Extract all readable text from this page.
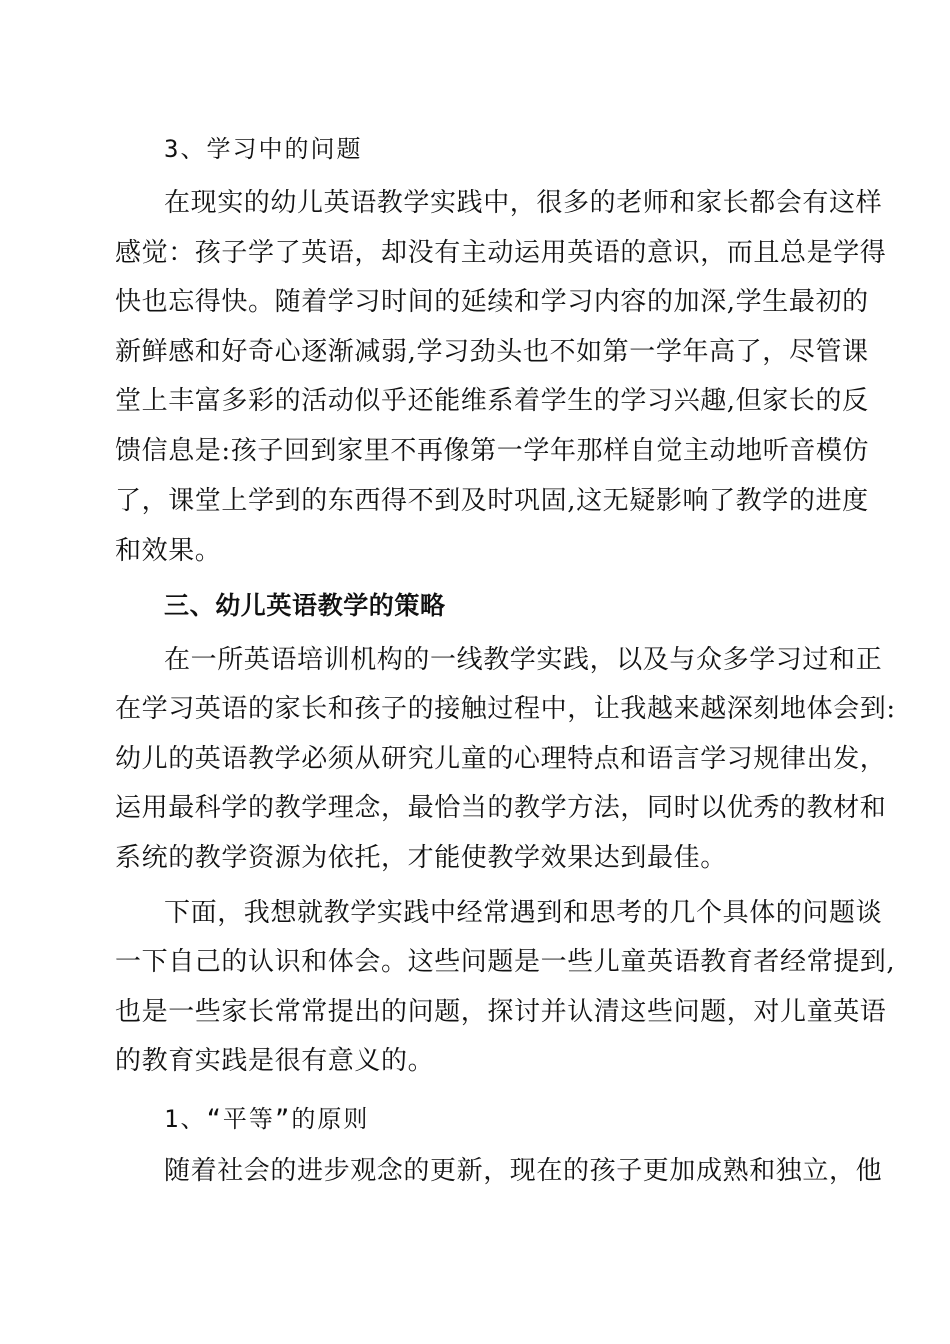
3、学习中的问题
在现实的幼儿英语教学实践中，很多的老师和家长都会有这样
感觉：孩子学了英语，却没有主动运用英语的意识，而且总是学得
快也忘得快。随着学习时间的延续和学习内容的加深,学生最初的
新鲜感和好奇心逐渐减弱,学习劲头也不如第一学年高了，尽管课
堂上丰富多彩的活动似乎还能维系着学生的学习兴趣,但家长的反
馈信息是:孩子回到家里不再像第一学年那样自觉主动地听音模仿
了，课堂上学到的东西得不到及时巩固,这无疑影响了教学的进度
和效果。
三、幼儿英语教学的策略
在一所英语培训机构的一线教学实践，以及与众多学习过和正
在学习英语的家长和孩子的接触过程中，让我越来越深刻地体会到:
幼儿的英语教学必须从研究儿童的心理特点和语言学习规律出发，
运用最科学的教学理念，最恰当的教学方法，同时以优秀的教材和
系统的教学资源为依托，才能使教学效果达到最佳。
下面，我想就教学实践中经常遇到和思考的几个具体的问题谈
一下自己的认识和体会。这些问题是一些儿童英语教育者经常提到,
也是一些家长常常提出的问题，探讨并认清这些问题，对儿童英语
的教育实践是很有意义的。
1、“平等”的原则
随着社会的进步观念的更新，现在的孩子更加成熟和独立，他
